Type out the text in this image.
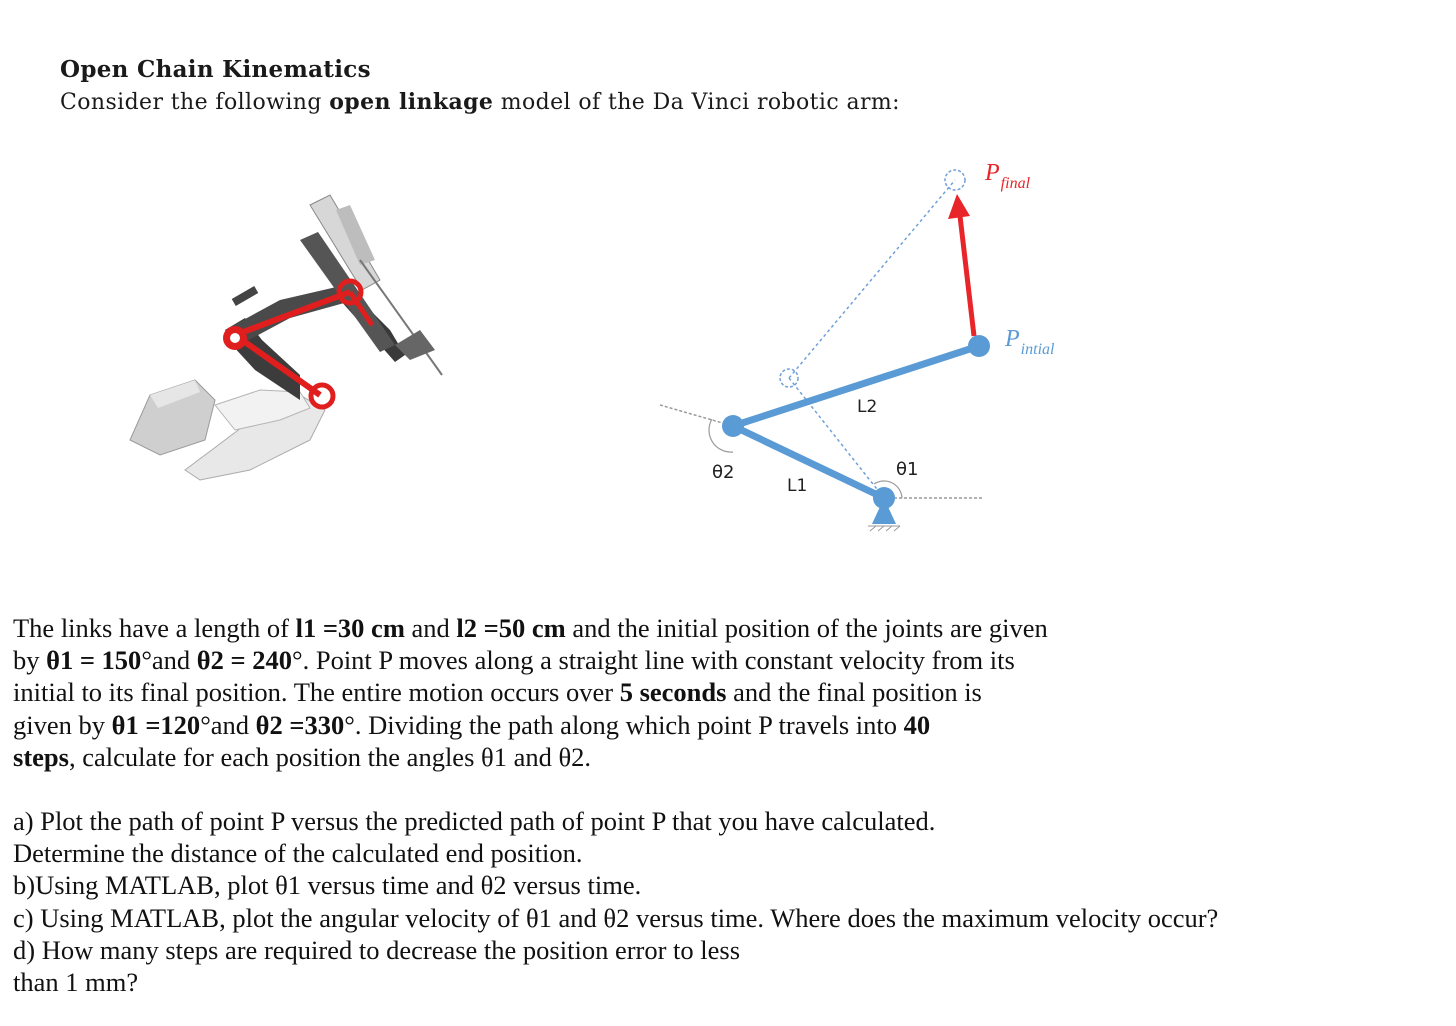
Open Chain Kinematics
Consider the following open linkage model of the Da Vinci robotic arm:
L2
L1
θ2	θ1
$P_{final}$
$P_{intial}$

The links have a length of l1 =30 cm and l2 =50 cm and the initial position of the joints are given
by θ1 = 150°and θ2 = 240°. Point P moves along a straight line with constant velocity from its
initial to its final position. The entire motion occurs over 5 seconds and the final position is
given by θ1 =120°and θ2 =330°. Dividing the path along which point P travels into 40
steps, calculate for each position the angles θ1 and θ2.

a) Plot the path of point P versus the predicted path of point P that you have calculated.

Determine the distance of the calculated end position.

b)Using MATLAB, plot θ1 versus time and θ2 versus time.

c) Using MATLAB, plot the angular velocity of θ1 and θ2 versus time. Where does the maximum velocity occur?

d) How many steps are required to decrease the position error to less

than 1 mm?
